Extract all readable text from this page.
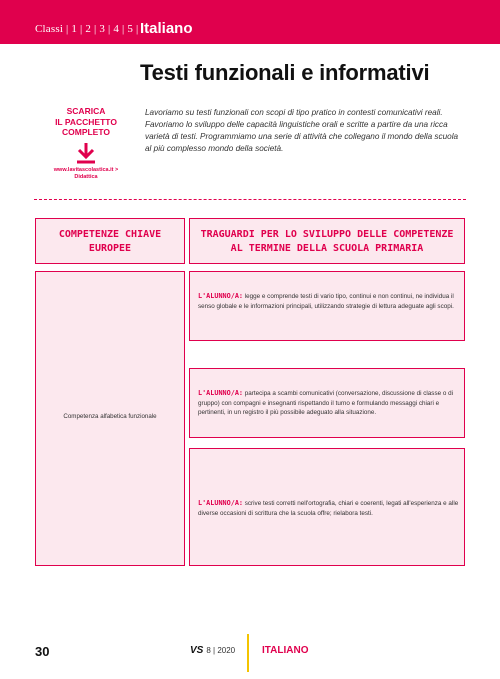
Classi | 1 | 2 | 3 | 4 | 5 | Italiano
Testi funzionali e informativi
SCARICA
IL PACCHETTO
COMPLETO
www.lavitascolastica.it >
Didattica

Lavoriamo su testi funzionali con scopi di tipo pratico in contesti comunicativi reali. Favoriamo lo sviluppo delle capacità linguistiche orali e scritte a partire da una ricca varietà di testi. Programmiamo una serie di attività che collegano il mondo della scuola al più complesso mondo della società.

COMPETENZE CHIAVE
EUROPEE
TRAGUARDI PER LO SVILUPPO DELLE COMPETENZE
AL TERMINE DELLA SCUOLA PRIMARIA
Competenza alfabetica funzionale

L'ALUNNO/A: legge e comprende testi di vario tipo, continui e non continui, ne individua il senso globale e le informazioni principali, utilizzando strategie di lettura adeguate agli scopi.

L'ALUNNO/A: partecipa a scambi comunicativi (conversazione, discussione di classe o di gruppo) con compagni e insegnanti rispettando il turno e formulando messaggi chiari e pertinenti, in un registro il più possibile adeguato alla situazione.

L'ALUNNO/A: scrive testi corretti nell'ortografia, chiari e coerenti, legati all'esperienza e alle diverse occasioni di scrittura che la scuola offre; rielabora testi.

30	VS 8 | 2020	ITALIANO
